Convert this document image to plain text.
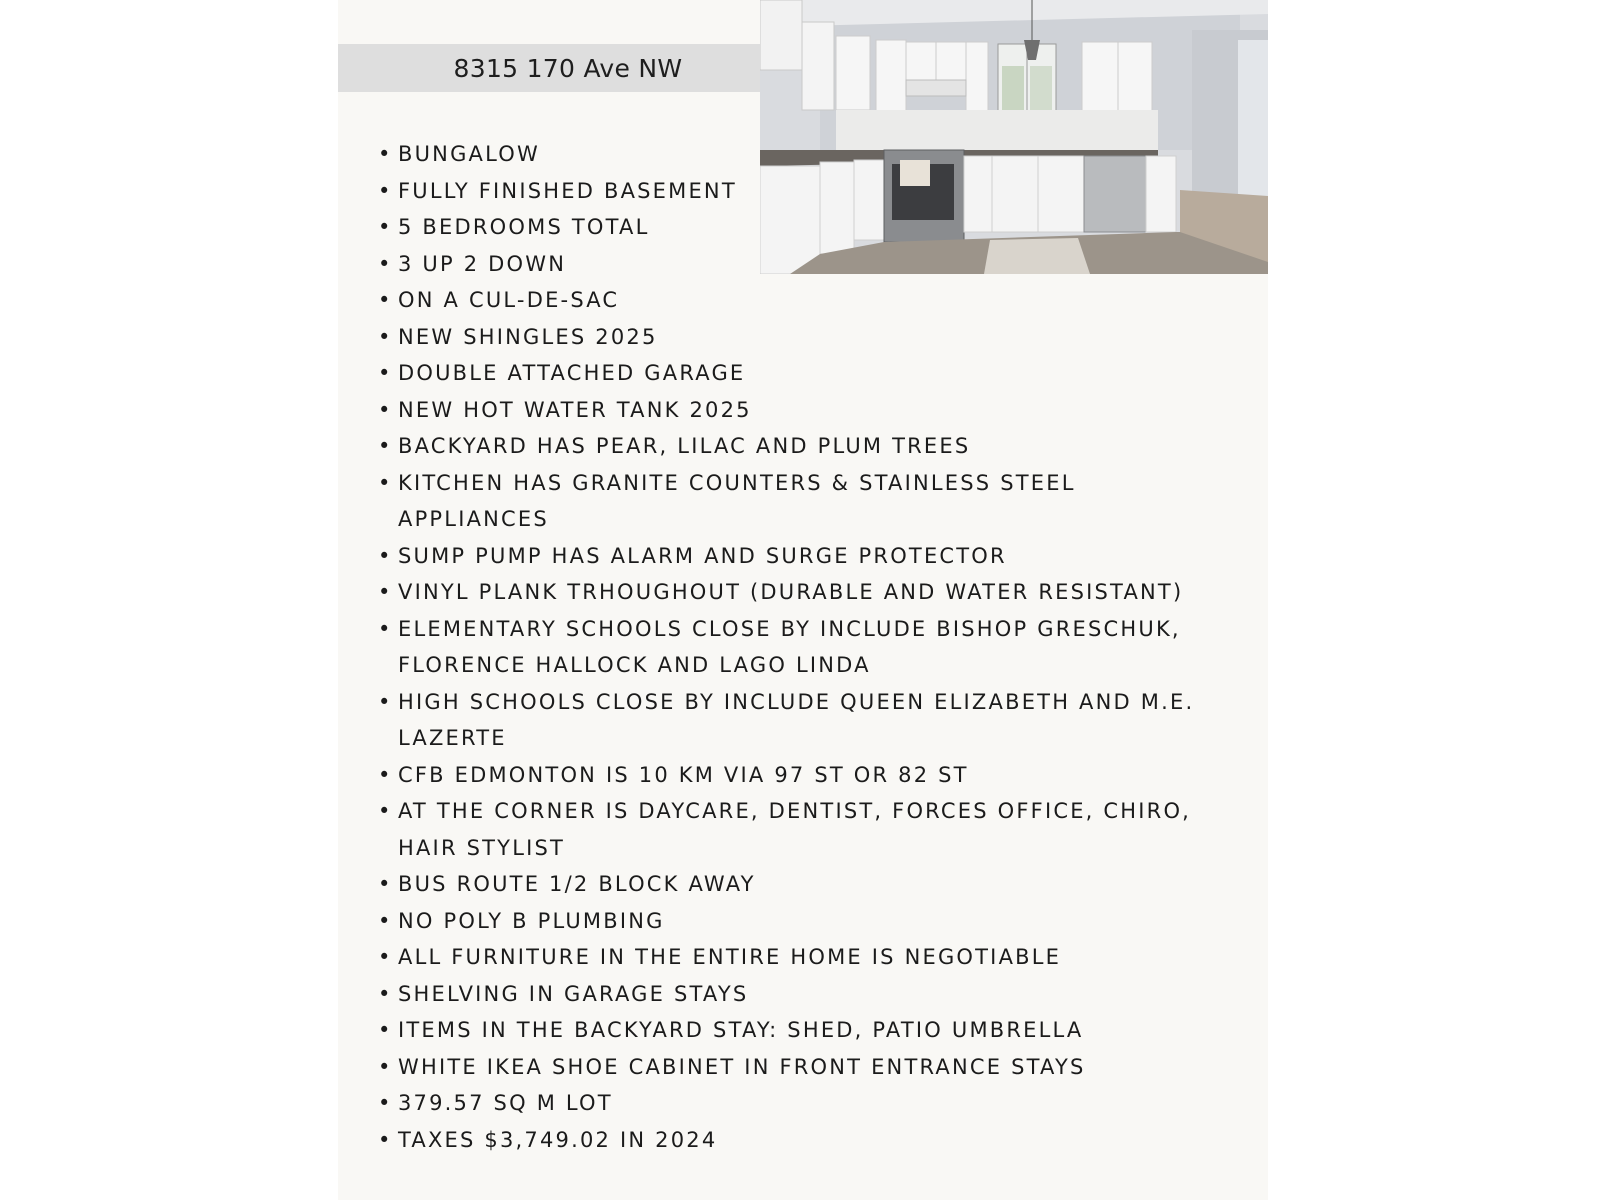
8315 170 Ave NW
• BUNGALOW
• FULLY FINISHED BASEMENT
• 5 BEDROOMS TOTAL
• 3 UP 2 DOWN
• ON A CUL-DE-SAC
• NEW SHINGLES 2025
• DOUBLE ATTACHED GARAGE
• NEW HOT WATER TANK 2025
• BACKYARD HAS PEAR, LILAC AND PLUM TREES
• KITCHEN HAS GRANITE COUNTERS & STAINLESS STEEL
APPLIANCES
• SUMP PUMP HAS ALARM AND SURGE PROTECTOR
• VINYL PLANK TRHOUGHOUT (DURABLE AND WATER RESISTANT)
• ELEMENTARY SCHOOLS CLOSE BY INCLUDE BISHOP GRESCHUK,
FLORENCE HALLOCK AND LAGO LINDA
• HIGH SCHOOLS CLOSE BY INCLUDE QUEEN ELIZABETH AND M.E.
LAZERTE
• CFB EDMONTON IS 10 KM VIA 97 ST OR 82 ST
• AT THE CORNER IS DAYCARE, DENTIST, FORCES OFFICE, CHIRO,
HAIR STYLIST
• BUS ROUTE 1/2 BLOCK AWAY
• NO POLY B PLUMBING
• ALL FURNITURE IN THE ENTIRE HOME IS NEGOTIABLE
• SHELVING IN GARAGE STAYS
• ITEMS IN THE BACKYARD STAY: SHED, PATIO UMBRELLA
• WHITE IKEA SHOE CABINET IN FRONT ENTRANCE STAYS
• 379.57 SQ M LOT
• TAXES $3,749.02 IN 2024
